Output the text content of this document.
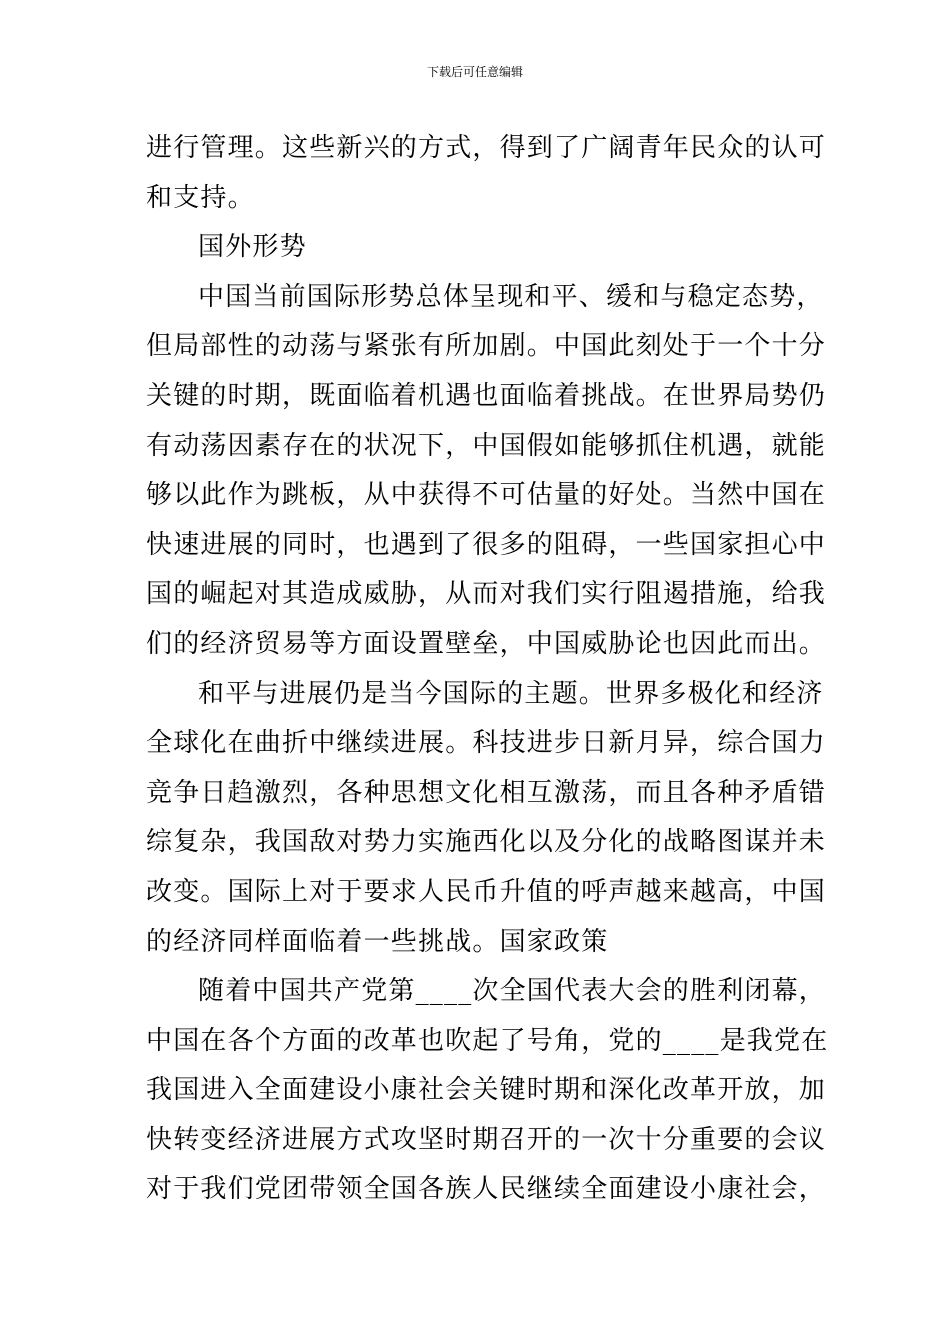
下载后可任意编辑
进行管理。这些新兴的方式，得到了广阔青年民众的认可
和支持。
国外形势
中国当前国际形势总体呈现和平、缓和与稳定态势，
但局部性的动荡与紧张有所加剧。中国此刻处于一个十分
关键的时期，既面临着机遇也面临着挑战。在世界局势仍
有动荡因素存在的状况下，中国假如能够抓住机遇，就能
够以此作为跳板，从中获得不可估量的好处。当然中国在
快速进展的同时，也遇到了很多的阻碍，一些国家担心中
国的崛起对其造成威胁，从而对我们实行阻遏措施，给我
们的经济贸易等方面设置壁垒，中国威胁论也因此而出。
和平与进展仍是当今国际的主题。世界多极化和经济
全球化在曲折中继续进展。科技进步日新月异，综合国力
竞争日趋激烈，各种思想文化相互激荡，而且各种矛盾错
综复杂，我国敌对势力实施西化以及分化的战略图谋并未
改变。国际上对于要求人民币升值的呼声越来越高，中国
的经济同样面临着一些挑战。国家政策
随着中国共产党第____次全国代表大会的胜利闭幕，
中国在各个方面的改革也吹起了号角，党的____是我党在
我国进入全面建设小康社会关键时期和深化改革开放，加
快转变经济进展方式攻坚时期召开的一次十分重要的会议
对于我们党团带领全国各族人民继续全面建设小康社会，
